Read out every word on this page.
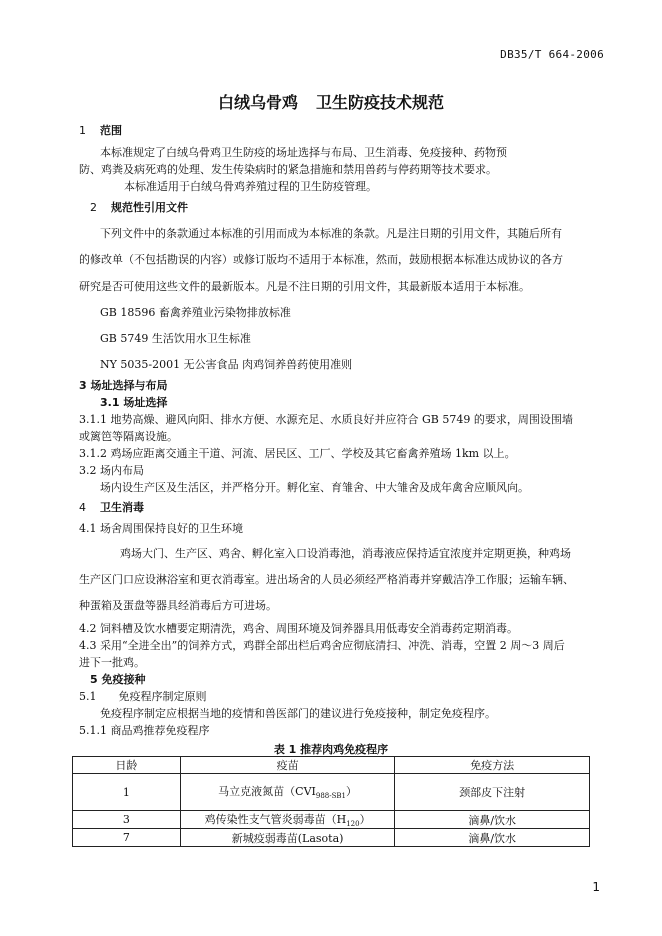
DB35/T 664-2006
白绒乌骨鸡 卫生防疫技术规范
1 范围
本标准规定了白绒乌骨鸡卫生防疫的场址选择与布局、卫生消毒、免疫接种、药物预
防、鸡粪及病死鸡的处理、发生传染病时的紧急措施和禁用兽药与停药期等技术要求。
本标准适用于白绒乌骨鸡养殖过程的卫生防疫管理。
2 规范性引用文件
下列文件中的条款通过本标准的引用而成为本标准的条款。凡是注日期的引用文件，其随后所有
的修改单（不包括勘误的内容）或修订版均不适用于本标准，然而，鼓励根据本标准达成协议的各方
研究是否可使用这些文件的最新版本。凡是不注日期的引用文件，其最新版本适用于本标准。
GB 18596 畜禽养殖业污染物排放标准
GB 5749 生活饮用水卫生标准
NY 5035-2001 无公害食品 肉鸡饲养兽药使用准则
3 场址选择与布局
3.1 场址选择
3.1.1 地势高燥、避风向阳、排水方便、水源充足、水质良好并应符合 GB 5749 的要求，周围设围墙
或篱笆等隔离设施。
3.1.2 鸡场应距离交通主干道、河流、居民区、工厂、学校及其它畜禽养殖场 1km 以上。
3.2 场内布局
场内设生产区及生活区，并严格分开。孵化室、育雏舍、中大雏舍及成年禽舍应顺风向。
4 卫生消毒
4.1 场舍周围保持良好的卫生环境
鸡场大门、生产区、鸡舍、孵化室入口设消毒池，消毒液应保持适宜浓度并定期更换，种鸡场
生产区门口应设淋浴室和更衣消毒室。进出场舍的人员必须经严格消毒并穿戴洁净工作服；运输车辆、
种蛋箱及蛋盘等器具经消毒后方可进场。
4.2 饲料槽及饮水槽要定期清洗，鸡舍、周围环境及饲养器具用低毒安全消毒药定期消毒。
4.3 采用“全进全出”的饲养方式，鸡群全部出栏后鸡舍应彻底清扫、冲洗、消毒，空置 2 周～3 周后
进下一批鸡。
5 免疫接种
5.1 免疫程序制定原则
免疫程序制定应根据当地的疫情和兽医部门的建议进行免疫接种，制定免疫程序。
5.1.1 商品鸡推荐免疫程序
表 1 推荐肉鸡免疫程序
日龄	疫苗	免疫方法
1	马立克液氮苗$(CVI_{988-SB1})$	颈部皮下注射
3	鸡传染性支气管炎弱毒苗$(H_{120})$	滴鼻/饮水
7	新城疫弱毒苗(Lasota)	滴鼻/饮水
1
